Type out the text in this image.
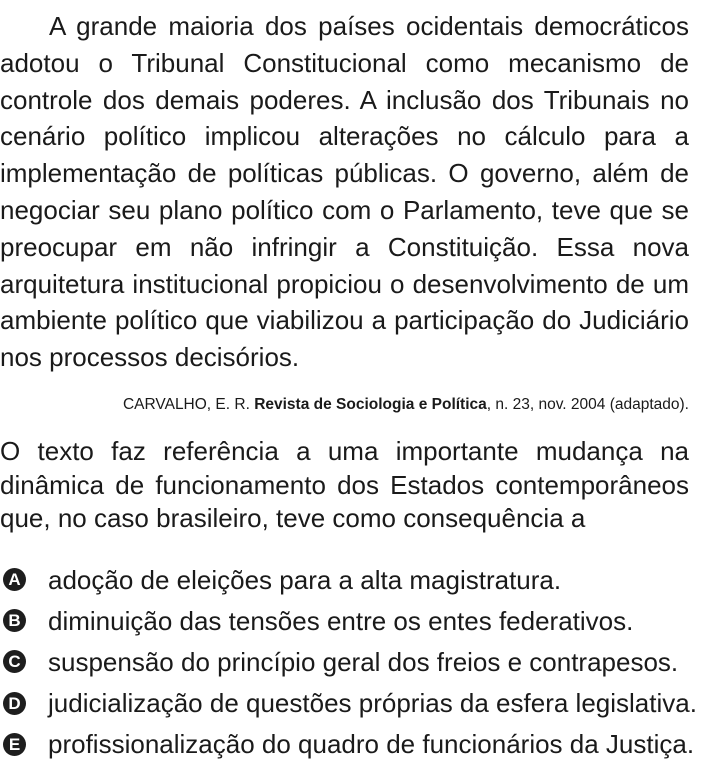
A grande maioria dos países ocidentais democráticos adotou o Tribunal Constitucional como mecanismo de controle dos demais poderes. A inclusão dos Tribunais no cenário político implicou alterações no cálculo para a implementação de políticas públicas. O governo, além de negociar seu plano político com o Parlamento, teve que se preocupar em não infringir a Constituição. Essa nova arquitetura institucional propiciou o desenvolvimento de um ambiente político que viabilizou a participação do Judiciário nos processos decisórios.

CARVALHO, E. R. Revista de Sociologia e Política, n. 23, nov. 2004 (adaptado).

O texto faz referência a uma importante mudança na dinâmica de funcionamento dos Estados contemporâneos que, no caso brasileiro, teve como consequência a

A adoção de eleições para a alta magistratura.
B diminuição das tensões entre os entes federativos.
C suspensão do princípio geral dos freios e contrapesos.
D judicialização de questões próprias da esfera legislativa.
E profissionalização do quadro de funcionários da Justiça.
